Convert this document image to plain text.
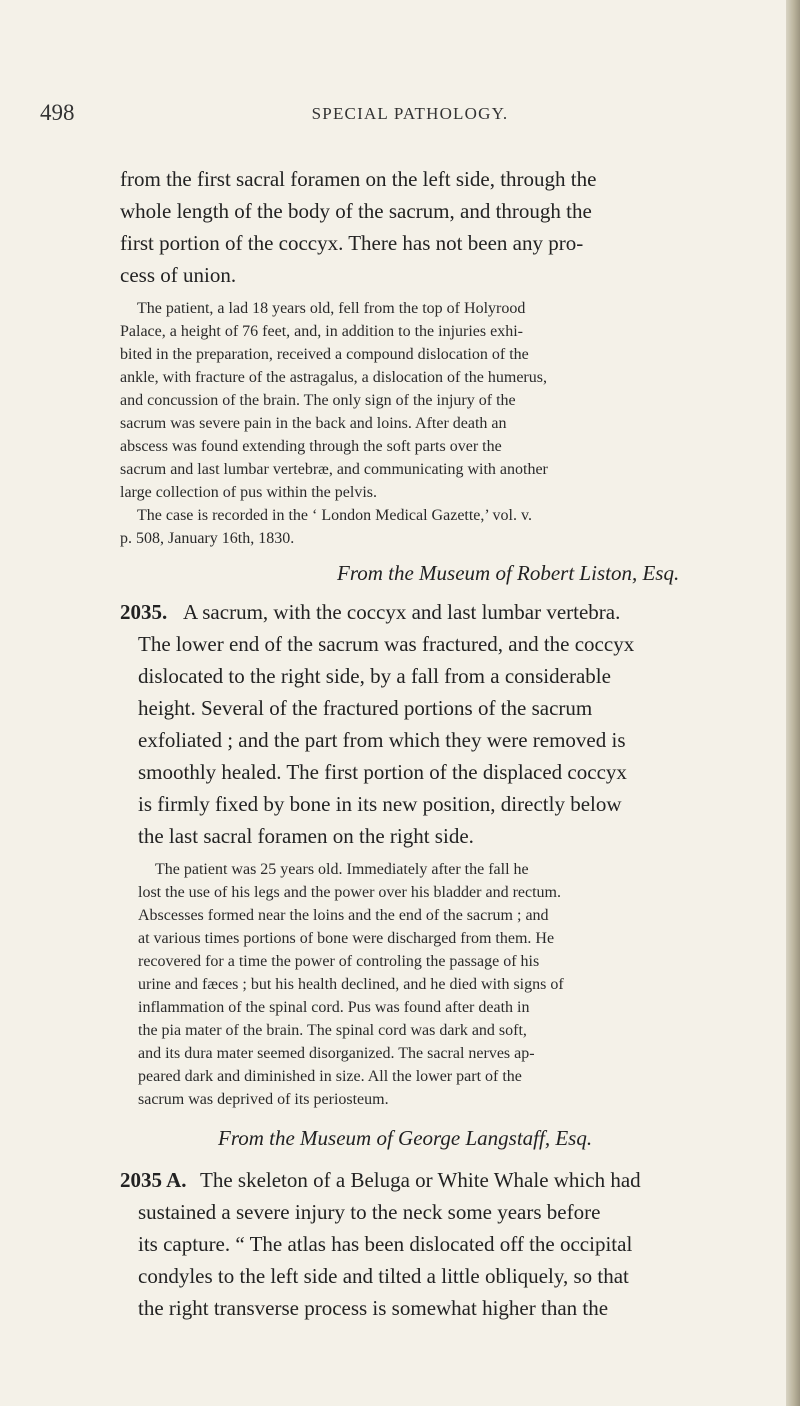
498	SPECIAL PATHOLOGY.
from the first sacral foramen on the left side, through the
whole length of the body of the sacrum, and through the
first portion of the coccyx. There has not been any pro-
cess of union.
The patient, a lad 18 years old, fell from the top of Holyrood
Palace, a height of 76 feet, and, in addition to the injuries exhi-
bited in the preparation, received a compound dislocation of the
ankle, with fracture of the astragalus, a dislocation of the humerus,
and concussion of the brain. The only sign of the injury of the
sacrum was severe pain in the back and loins. After death an
abscess was found extending through the soft parts over the
sacrum and last lumbar vertebræ, and communicating with another
large collection of pus within the pelvis.
The case is recorded in the ‘ London Medical Gazette,’ vol. v.
p. 508, January 16th, 1830.
From the Museum of Robert Liston, Esq.
2035. A sacrum, with the coccyx and last lumbar vertebra.
The lower end of the sacrum was fractured, and the coccyx
dislocated to the right side, by a fall from a considerable
height. Several of the fractured portions of the sacrum
exfoliated ; and the part from which they were removed is
smoothly healed. The first portion of the displaced coccyx
is firmly fixed by bone in its new position, directly below
the last sacral foramen on the right side.
The patient was 25 years old. Immediately after the fall he
lost the use of his legs and the power over his bladder and rectum.
Abscesses formed near the loins and the end of the sacrum ; and
at various times portions of bone were discharged from them. He
recovered for a time the power of controling the passage of his
urine and fæces ; but his health declined, and he died with signs of
inflammation of the spinal cord. Pus was found after death in
the pia mater of the brain. The spinal cord was dark and soft,
and its dura mater seemed disorganized. The sacral nerves ap-
peared dark and diminished in size. All the lower part of the
sacrum was deprived of its periosteum.
From the Museum of George Langstaff, Esq.
2035 A. The skeleton of a Beluga or White Whale which had
sustained a severe injury to the neck some years before
its capture. “ The atlas has been dislocated off the occipital
condyles to the left side and tilted a little obliquely, so that
the right transverse process is somewhat higher than the
